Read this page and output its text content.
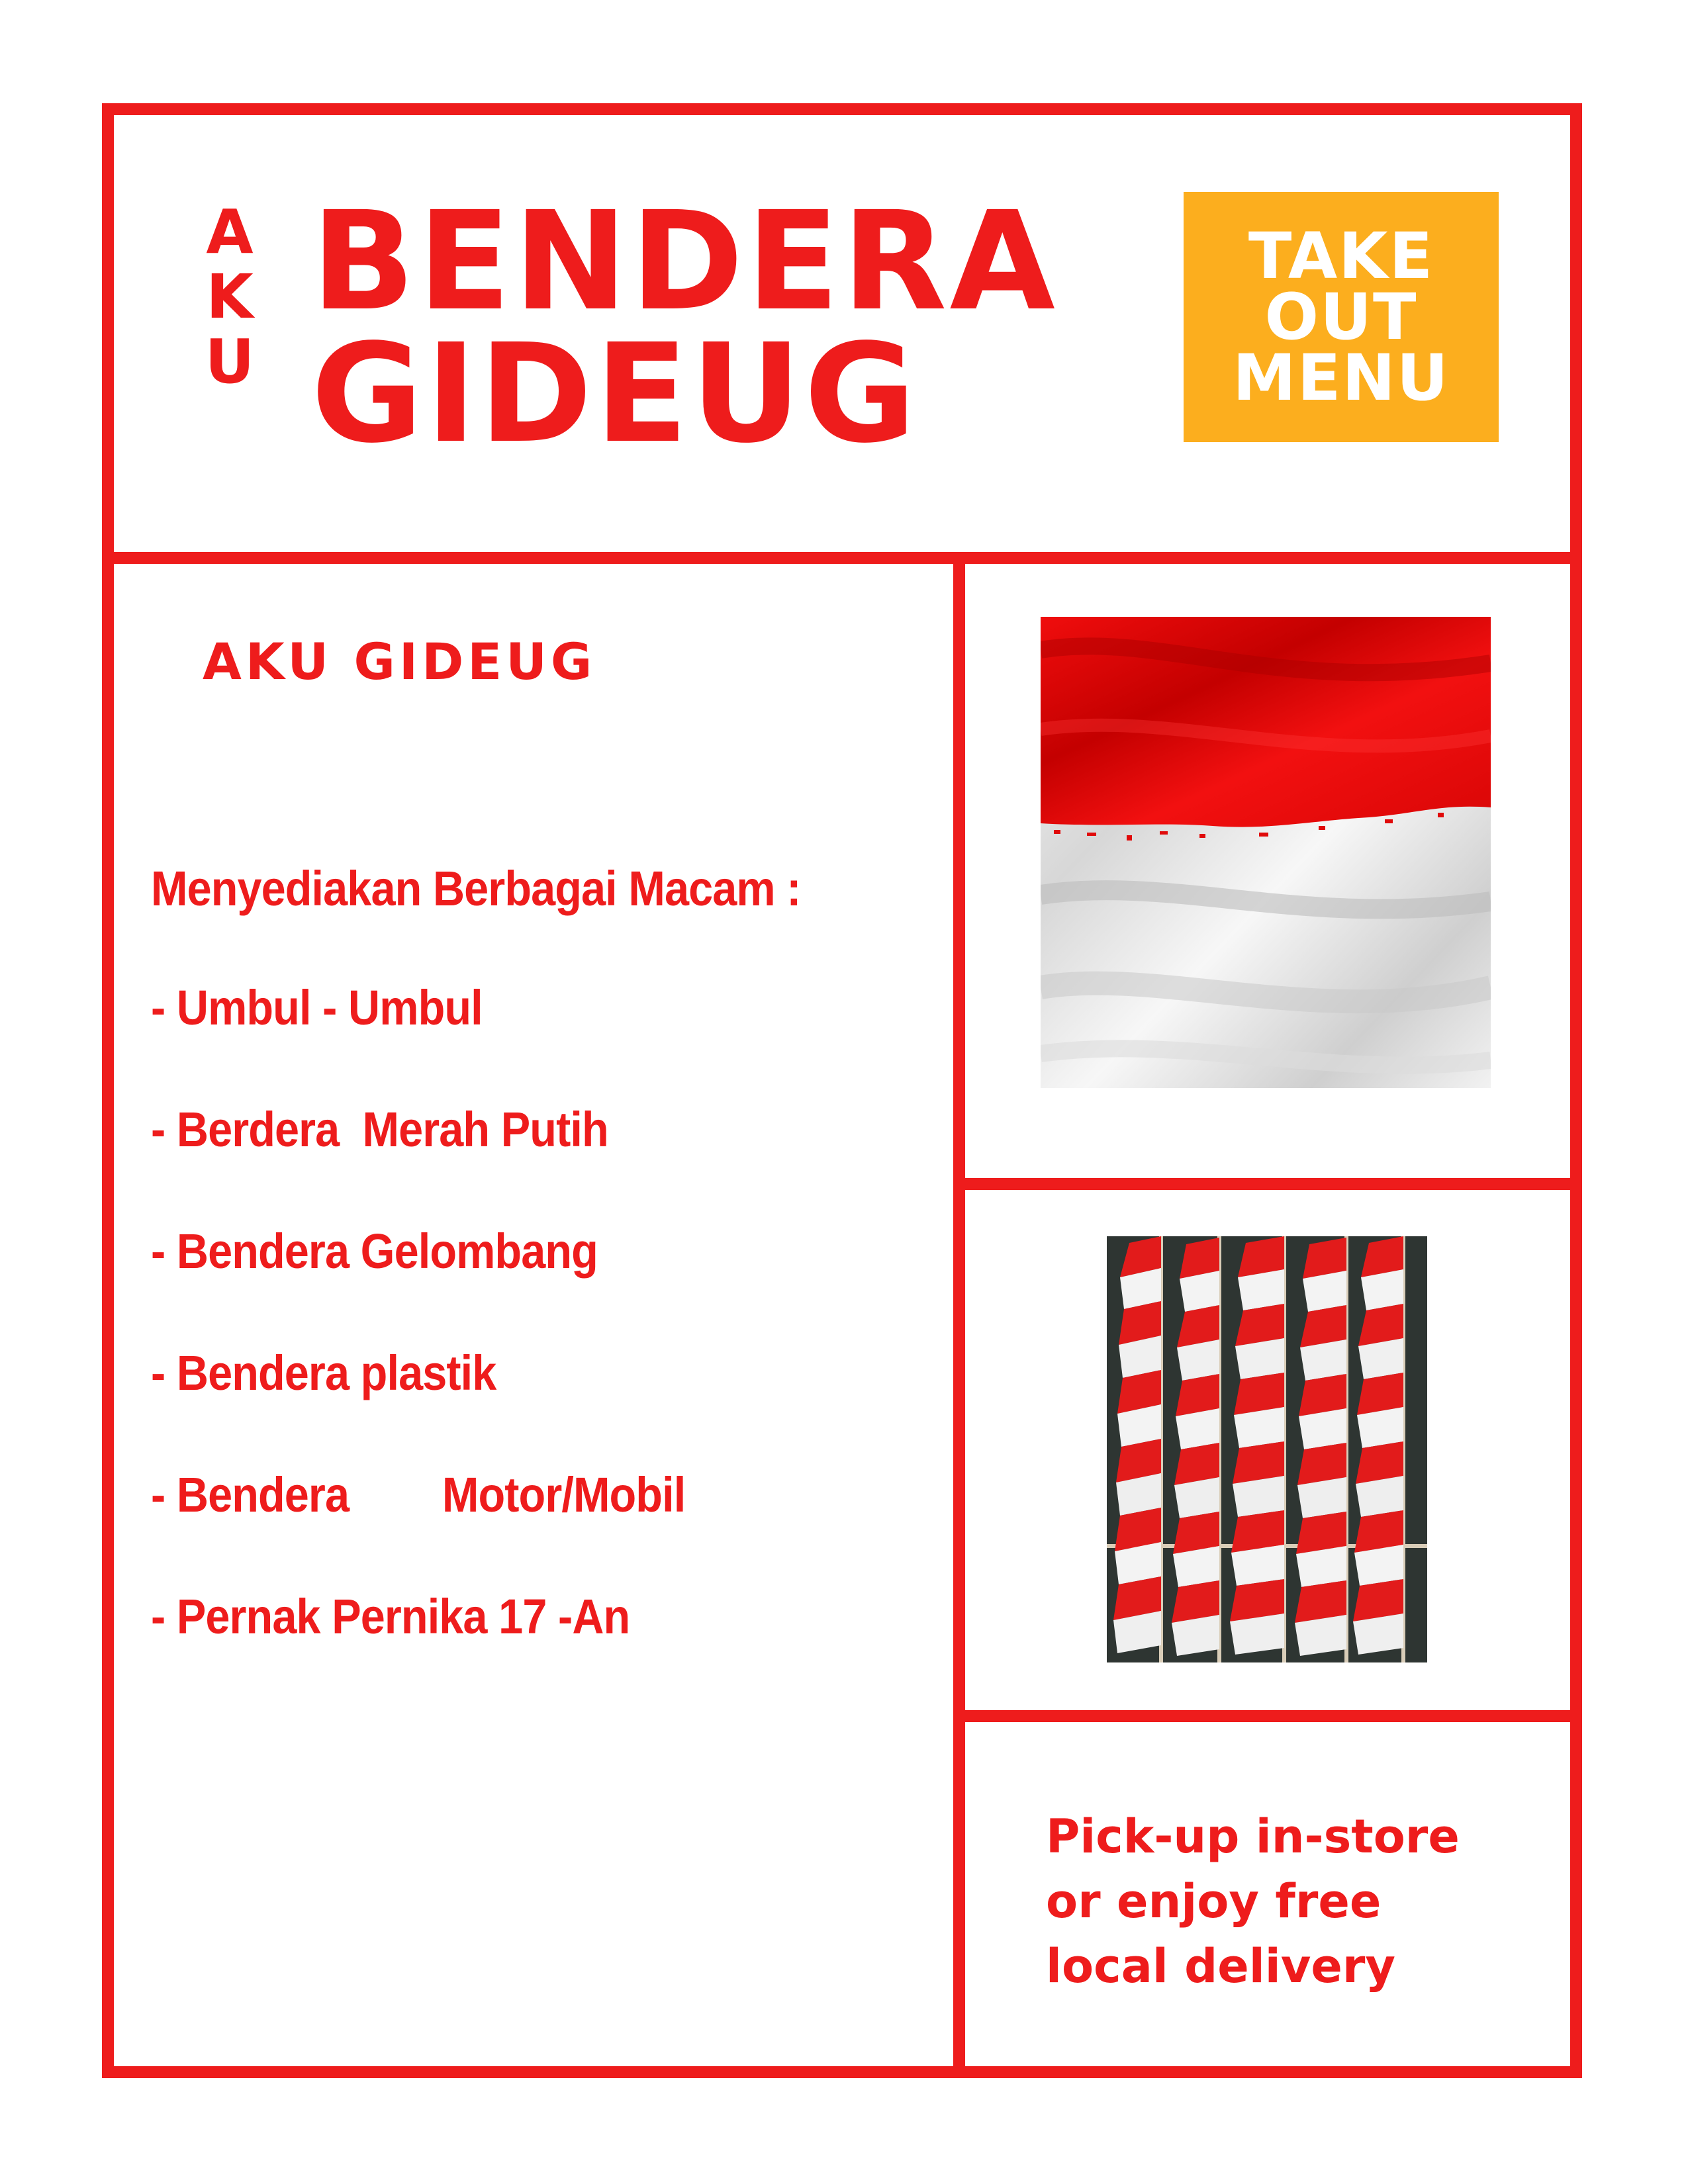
A
K
U
BENDERA
GIDEUG
TAKE
OUT
MENU
AKU GIDEUG
Menyediakan Berbagai Macam :
- Umbul - Umbul
- Berdera  Merah Putih
- Bendera Gelombang
- Bendera plastik
- Bendera        Motor/Mobil
- Pernak Pernika 17 -An
Pick-up in-store
or enjoy free
local delivery
